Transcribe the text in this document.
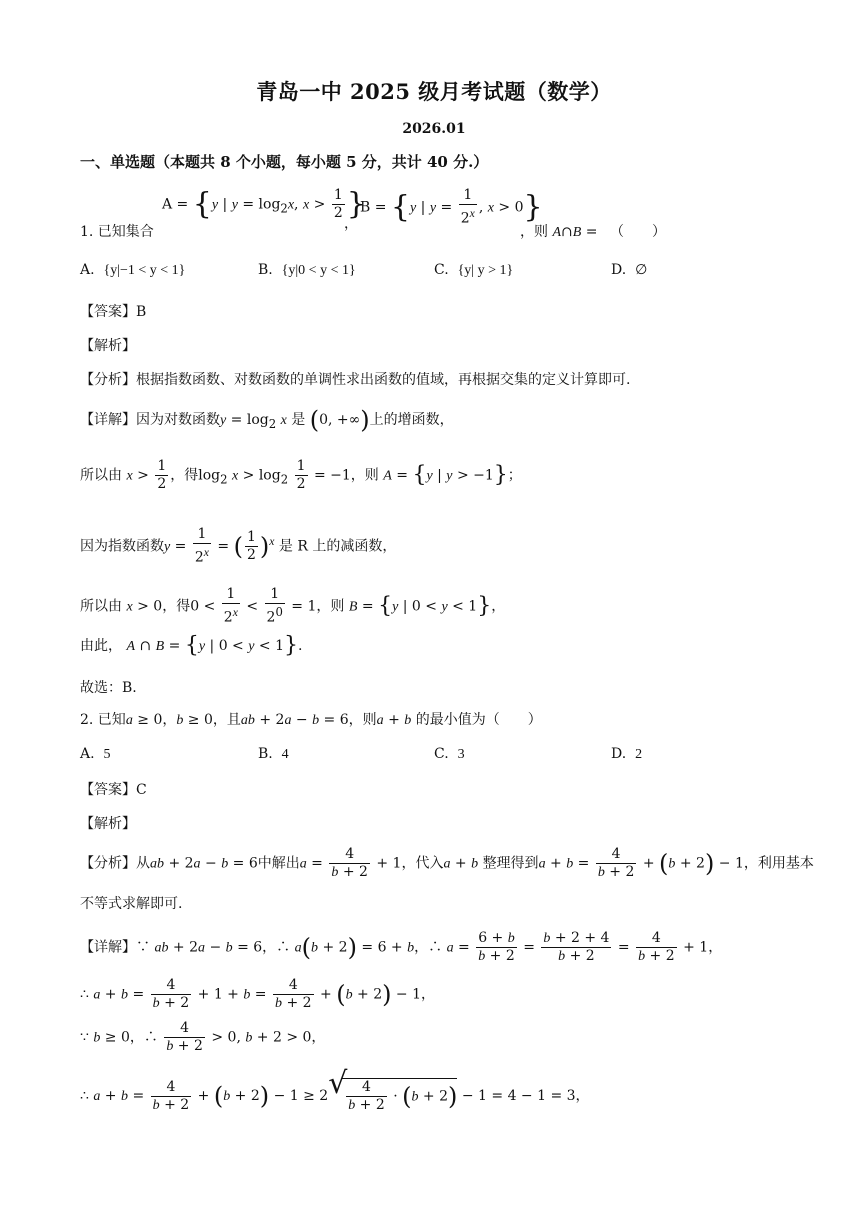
青岛一中 2025 级月考试题（数学）
2026.01
一、单选题（本题共 8 个小题，每小题 5 分，共计 40 分.）
A = {y | $y = \log_2x$, $x > \frac{1}{2}$ }
1. 已知集合	，
B = {y | $y = \frac{1}{2^x}$ , x > 0}
，则 A∩B = （　　）
A. {y|−1 < y < 1}	B. {y|0 < y < 1}	C. {y| y > 1}	D. ∅
【答案】B
【解析】
【分析】根据指数函数、对数函数的单调性求出函数的值域，再根据交集的定义计算即可.
【详解】因为对数函数$y = \log_2 x$ 是 (0, +∞)上的增函数，
所以由 $x > \frac{1}{2}$ ，得$\log_2 x > \log_2 \frac{1}{2} = -1$，则 A = {y | y > −1}；
因为指数函数$y = \frac{1}{2^x}$ = ( $\frac{1}{2} )^x$ 是 R 上的减函数，
所以由 x > 0，得$0 < \frac{1}{2^x} < \frac{1}{2^0} = 1$，则 B = {y | 0 < y < 1}，
由此， A ∩ B = {y | 0 < y < 1}.
故选：B.
2. 已知a ≥ 0，b ≥ 0，且ab + 2a − b = 6，则a + b 的最小值为（　　）
A. 5	B. 4	C. 3	D. 2
【答案】C
【解析】
【分析】从ab + 2a − b = 6中解出$a = \frac{4}{b + 2} + 1$，代入a + b 整理得到$a + b = \frac{4}{b + 2} + (b + 2) - 1$，利用基本
不等式求解即可.
【详解】∵ ab + 2a − b = 6，∴ a(b + 2) = 6 + b，∴ $a = \frac{6 + b}{b + 2} = \frac{b + 2 + 4}{b + 2} = \frac{4}{b + 2} + 1$，
∴ $a + b = \frac{4}{b + 2} + 1 + b = \frac{4}{b + 2} + (b + 2) - 1$，
∵ b ≥ 0，∴ $\frac{4}{b + 2} > 0$, b + 2 > 0，
∴ $a + b = \frac{4}{b + 2} + (b + 2) - 1 \ge 2$ √
$\frac{4}{b + 2} \cdot (b + 2) - 1 = 4 - 1 = 3$，
